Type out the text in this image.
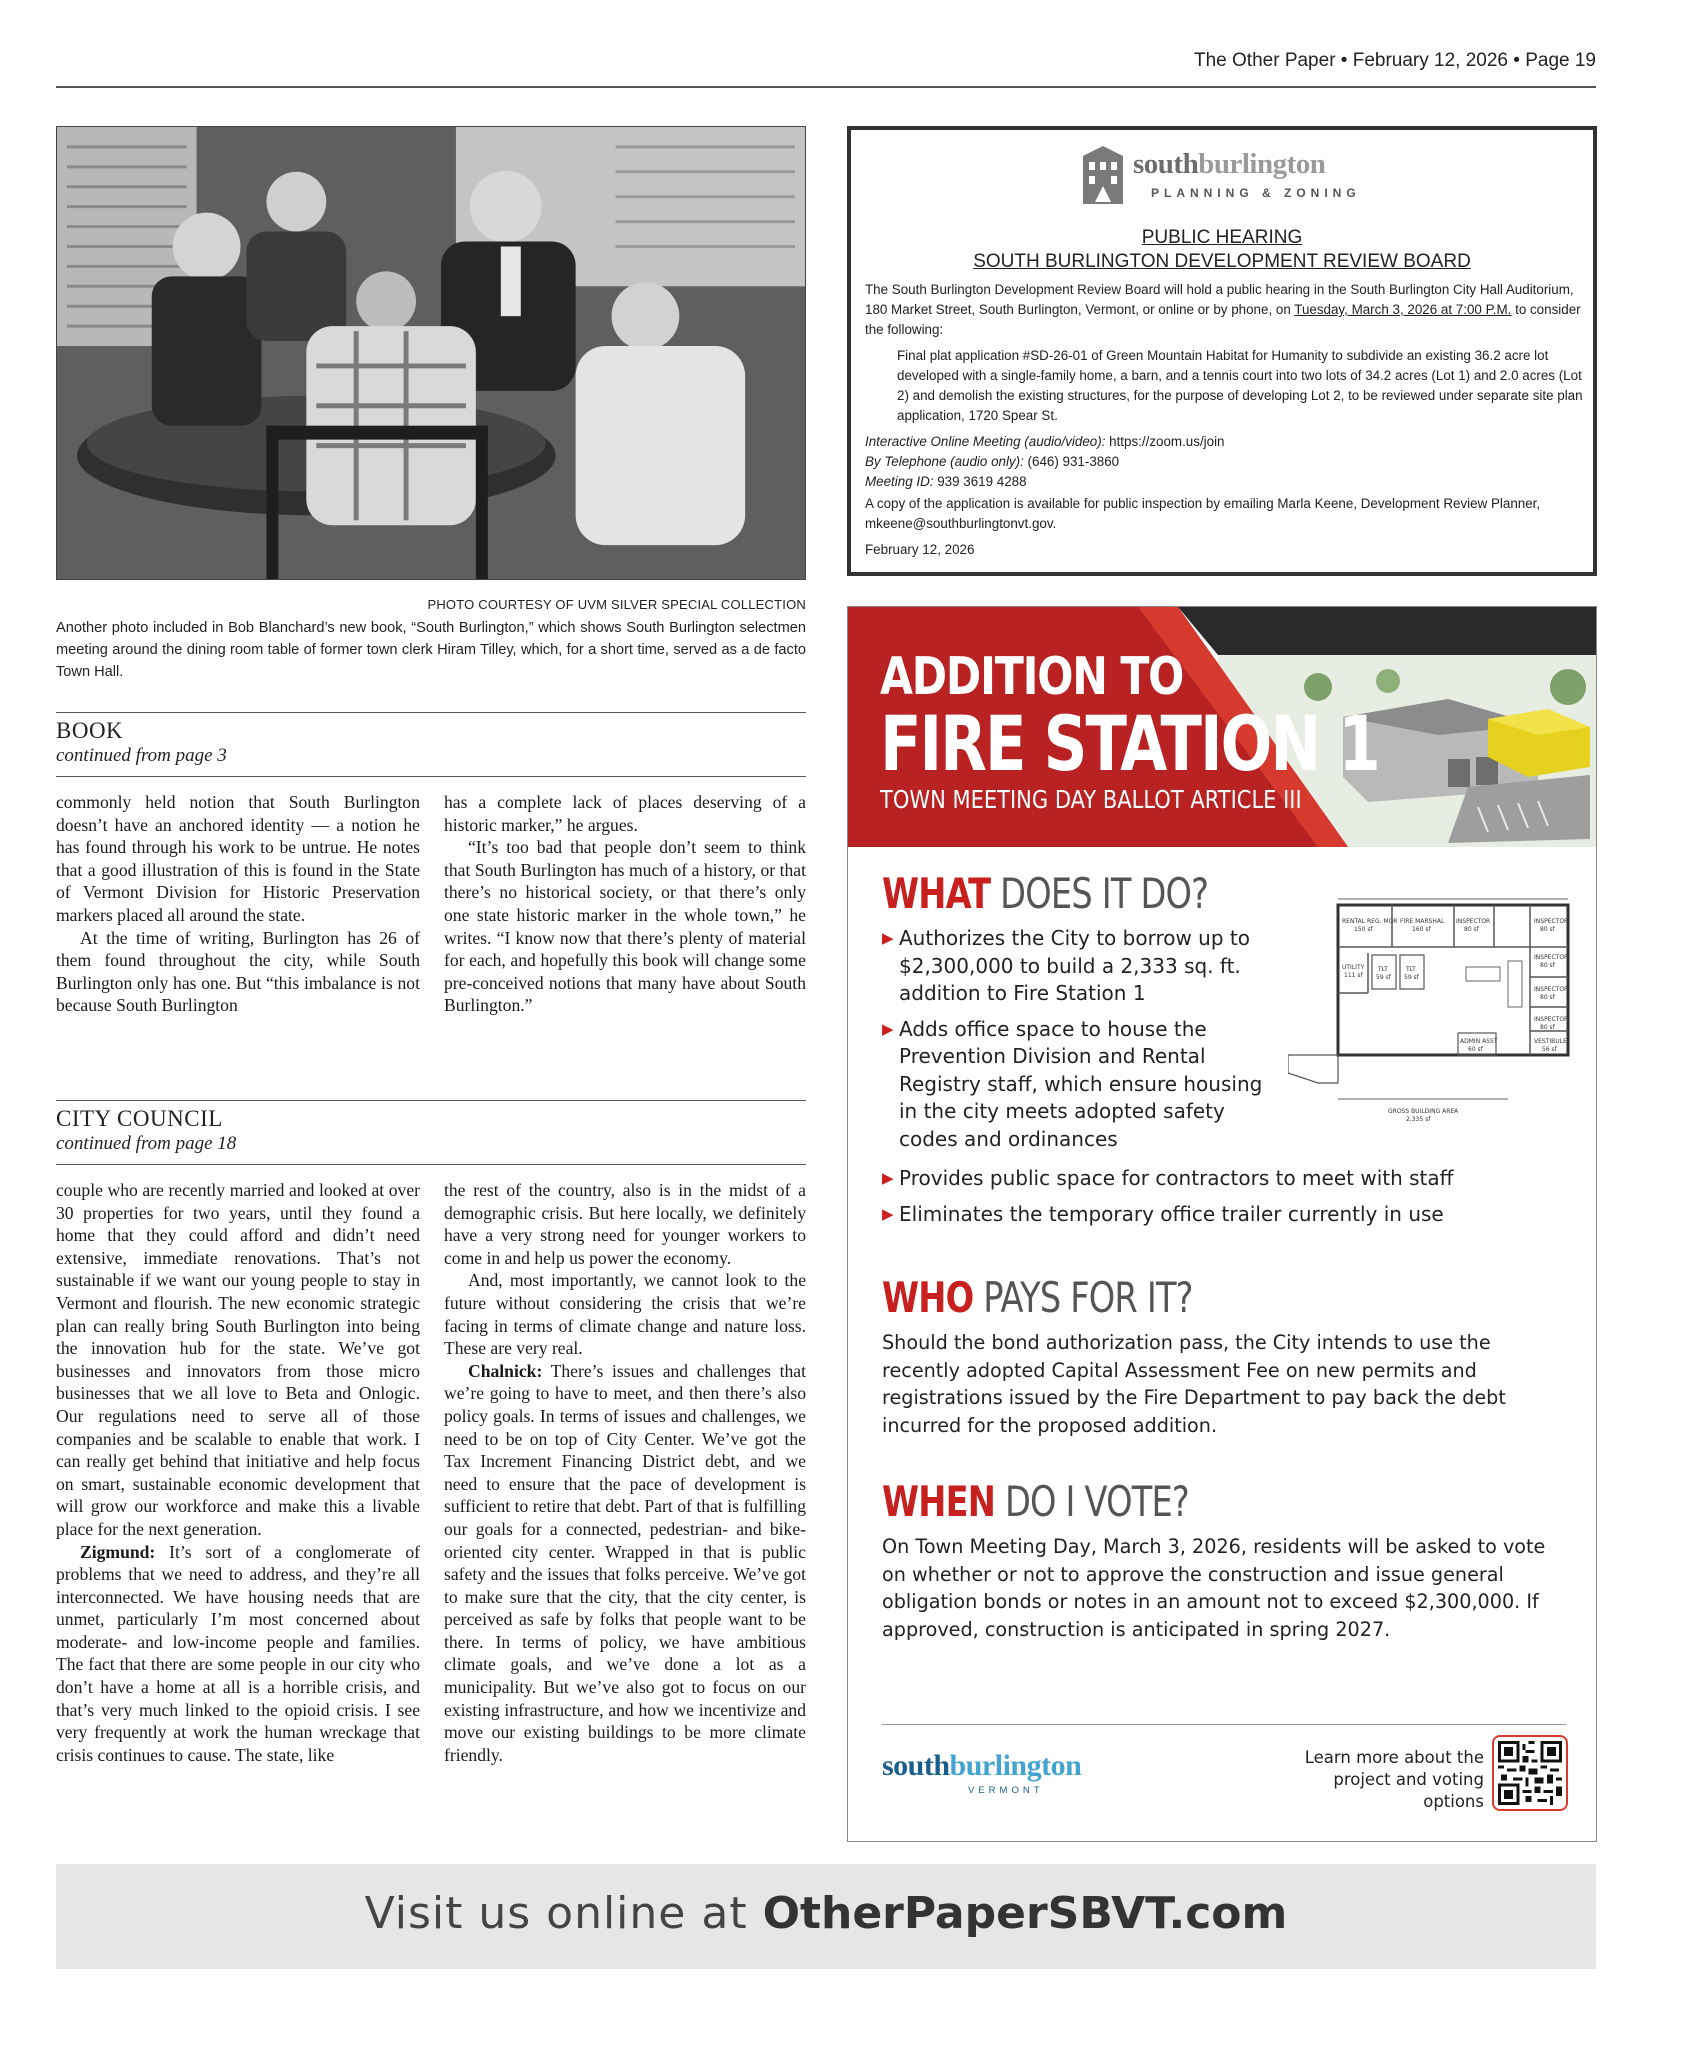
The Other Paper • February 12, 2026 • Page 19
PHOTO COURTESY OF UVM SILVER SPECIAL COLLECTION
Another photo included in Bob Blanchard’s new book, “South Burlington,” which shows South Burlington selectmen meeting around the dining room table of former town clerk Hiram Tilley, which, for a short time, served as a de facto Town Hall.
BOOK
continued from page 3

commonly held notion that South Burlington doesn’t have an anchored identity — a notion he has found through his work to be untrue. He notes that a good illustration of this is found in the State of Vermont Division for Historic Preservation markers placed all around the state.

At the time of writing, Burlington has 26 of them found throughout the city, while South Burlington only has one. But “this imbalance is not because South Burlington

has a complete lack of places deserving of a historic marker,” he argues.

“It’s too bad that people don’t seem to think that South Burlington has much of a history, or that there’s no historical society, or that there’s only one state historic marker in the whole town,” he writes. “I know now that there’s plenty of material for each, and hopefully this book will change some pre-conceived notions that many have about South Burlington.”

CITY COUNCIL
continued from page 18

couple who are recently married and looked at over 30 properties for two years, until they found a home that they could afford and didn’t need extensive, immediate renovations. That’s not sustainable if we want our young people to stay in Vermont and flourish. The new economic strategic plan can really bring South Burlington into being the innovation hub for the state. We’ve got businesses and innovators from those micro businesses that we all love to Beta and Onlogic. Our regulations need to serve all of those companies and be scalable to enable that work. I can really get behind that initiative and help focus on smart, sustainable economic development that will grow our workforce and make this a livable place for the next generation.

Zigmund: It’s sort of a conglomerate of problems that we need to address, and they’re all interconnected. We have housing needs that are unmet, particularly I’m most concerned about moderate- and low-income people and families. The fact that there are some people in our city who don’t have a home at all is a horrible crisis, and that’s very much linked to the opioid crisis. I see very frequently at work the human wreckage that crisis continues to cause. The state, like

the rest of the country, also is in the midst of a demographic crisis. But here locally, we definitely have a very strong need for younger workers to come in and help us power the economy.

And, most importantly, we cannot look to the future without considering the crisis that we’re facing in terms of climate change and nature loss. These are very real.

Chalnick: There’s issues and challenges that we’re going to have to meet, and then there’s also policy goals. In terms of issues and challenges, we need to be on top of City Center. We’ve got the Tax Increment Financing District debt, and we need to ensure that the pace of development is sufficient to retire that debt. Part of that is fulfilling our goals for a connected, pedestrian- and bike-oriented city center. Wrapped in that is public safety and the issues that folks perceive. We’ve got to make sure that the city, that the city center, is perceived as safe by folks that people want to be there. In terms of policy, we have ambitious climate goals, and we’ve done a lot as a municipality. But we’ve also got to focus on our existing infrastructure, and how we incentivize and move our existing buildings to be more climate friendly.

southburlington
PLANNING & ZONING
PUBLIC HEARING
SOUTH BURLINGTON DEVELOPMENT REVIEW BOARD
The South Burlington Development Review Board will hold a public hearing in the South Burlington City Hall Auditorium, 180 Market Street, South Burlington, Vermont, or online or by phone, on Tuesday, March 3, 2026 at 7:00 P.M. to consider the following:
Final plat application #SD-26-01 of Green Mountain Habitat for Humanity to subdivide an existing 36.2 acre lot developed with a single-family home, a barn, and a tennis court into two lots of 34.2 acres (Lot 1) and 2.0 acres (Lot 2) and demolish the existing structures, for the purpose of developing Lot 2, to be reviewed under separate site plan application, 1720 Spear St.
Interactive Online Meeting (audio/video): https://zoom.us/join
By Telephone (audio only): (646) 931-3860
Meeting ID: 939 3619 4288
A copy of the application is available for public inspection by emailing Marla Keene, Development Review Planner, mkeene@southburlingtonvt.gov.
February 12, 2026
ADDITION TO
FIRE STATION 1
TOWN MEETING DAY BALLOT ARTICLE III
RENTAL REG. MGR
150 sf
FIRE MARSHAL
160 sf
INSPECTOR
80 sf
INSPECTOR
80 sf
INSPECTOR
80 sf
INSPECTOR
80 sf
INSPECTOR
80 sf
VESTIBULE
56 sf
UTILITY
111 sf
TLT
59 sf
TLT
59 sf
ADMIN ASST
60 sf
GROSS BUILDING AREA
2,335 sf
WHAT DOES IT DO?
▶ Authorizes the City to borrow up to $2,300,000 to build a 2,333 sq. ft. addition to Fire Station 1
▶ Adds office space to house the Prevention Division and Rental Registry staff, which ensure housing in the city meets adopted safety codes and ordinances
▶ Provides public space for contractors to meet with staff
▶ Eliminates the temporary office trailer currently in use
WHO PAYS FOR IT?
Should the bond authorization pass, the City intends to use the recently adopted Capital Assessment Fee on new permits and registrations issued by the Fire Department to pay back the debt incurred for the proposed addition.
WHEN DO I VOTE?
On Town Meeting Day, March 3, 2026, residents will be asked to vote on whether or not to approve the construction and issue general obligation bonds or notes in an amount not to exceed $2,300,000. If approved, construction is anticipated in spring 2027.
southburlington
VERMONT
Learn more about the project and voting options
Visit us online at OtherPaperSBVT.com
